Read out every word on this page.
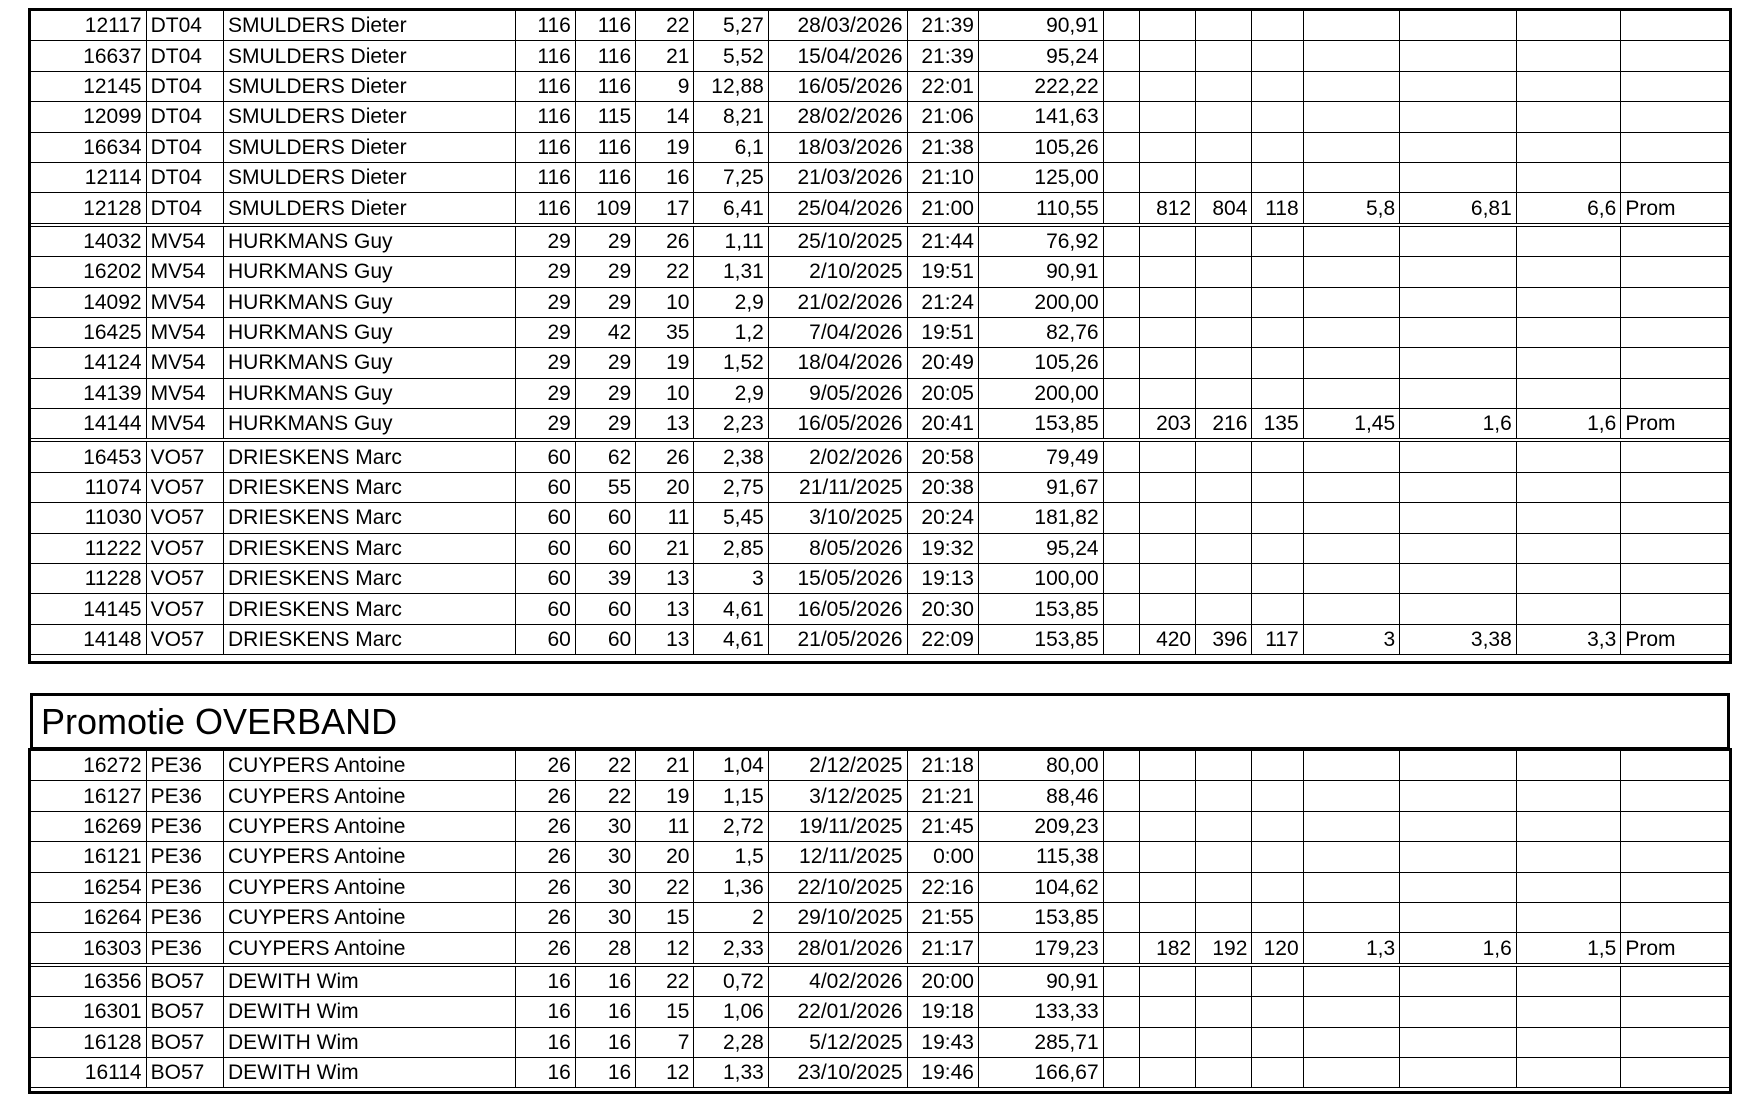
12117	DT04	SMULDERS Dieter	116	116	22	5,27	28/03/2026	21:39	90,91								
16637	DT04	SMULDERS Dieter	116	116	21	5,52	15/04/2026	21:39	95,24								
12145	DT04	SMULDERS Dieter	116	116	9	12,88	16/05/2026	22:01	222,22								
12099	DT04	SMULDERS Dieter	116	115	14	8,21	28/02/2026	21:06	141,63								
16634	DT04	SMULDERS Dieter	116	116	19	6,1	18/03/2026	21:38	105,26								
12114	DT04	SMULDERS Dieter	116	116	16	7,25	21/03/2026	21:10	125,00								
12128	DT04	SMULDERS Dieter	116	109	17	6,41	25/04/2026	21:00	110,55		812	804	118	5,8	6,81	6,6	Prom
14032	MV54	HURKMANS Guy	29	29	26	1,11	25/10/2025	21:44	76,92								
16202	MV54	HURKMANS Guy	29	29	22	1,31	2/10/2025	19:51	90,91								
14092	MV54	HURKMANS Guy	29	29	10	2,9	21/02/2026	21:24	200,00								
16425	MV54	HURKMANS Guy	29	42	35	1,2	7/04/2026	19:51	82,76								
14124	MV54	HURKMANS Guy	29	29	19	1,52	18/04/2026	20:49	105,26								
14139	MV54	HURKMANS Guy	29	29	10	2,9	9/05/2026	20:05	200,00								
14144	MV54	HURKMANS Guy	29	29	13	2,23	16/05/2026	20:41	153,85		203	216	135	1,45	1,6	1,6	Prom
16453	VO57	DRIESKENS Marc	60	62	26	2,38	2/02/2026	20:58	79,49								
11074	VO57	DRIESKENS Marc	60	55	20	2,75	21/11/2025	20:38	91,67								
11030	VO57	DRIESKENS Marc	60	60	11	5,45	3/10/2025	20:24	181,82								
11222	VO57	DRIESKENS Marc	60	60	21	2,85	8/05/2026	19:32	95,24								
11228	VO57	DRIESKENS Marc	60	39	13	3	15/05/2026	19:13	100,00								
14145	VO57	DRIESKENS Marc	60	60	13	4,61	16/05/2026	20:30	153,85								
14148	VO57	DRIESKENS Marc	60	60	13	4,61	21/05/2026	22:09	153,85		420	396	117	3	3,38	3,3	Prom
Promotie OVERBAND
16272	PE36	CUYPERS Antoine	26	22	21	1,04	2/12/2025	21:18	80,00								
16127	PE36	CUYPERS Antoine	26	22	19	1,15	3/12/2025	21:21	88,46								
16269	PE36	CUYPERS Antoine	26	30	11	2,72	19/11/2025	21:45	209,23								
16121	PE36	CUYPERS Antoine	26	30	20	1,5	12/11/2025	0:00	115,38								
16254	PE36	CUYPERS Antoine	26	30	22	1,36	22/10/2025	22:16	104,62								
16264	PE36	CUYPERS Antoine	26	30	15	2	29/10/2025	21:55	153,85								
16303	PE36	CUYPERS Antoine	26	28	12	2,33	28/01/2026	21:17	179,23		182	192	120	1,3	1,6	1,5	Prom
16356	BO57	DEWITH Wim	16	16	22	0,72	4/02/2026	20:00	90,91								
16301	BO57	DEWITH Wim	16	16	15	1,06	22/01/2026	19:18	133,33								
16128	BO57	DEWITH Wim	16	16	7	2,28	5/12/2025	19:43	285,71								
16114	BO57	DEWITH Wim	16	16	12	1,33	23/10/2025	19:46	166,67								
